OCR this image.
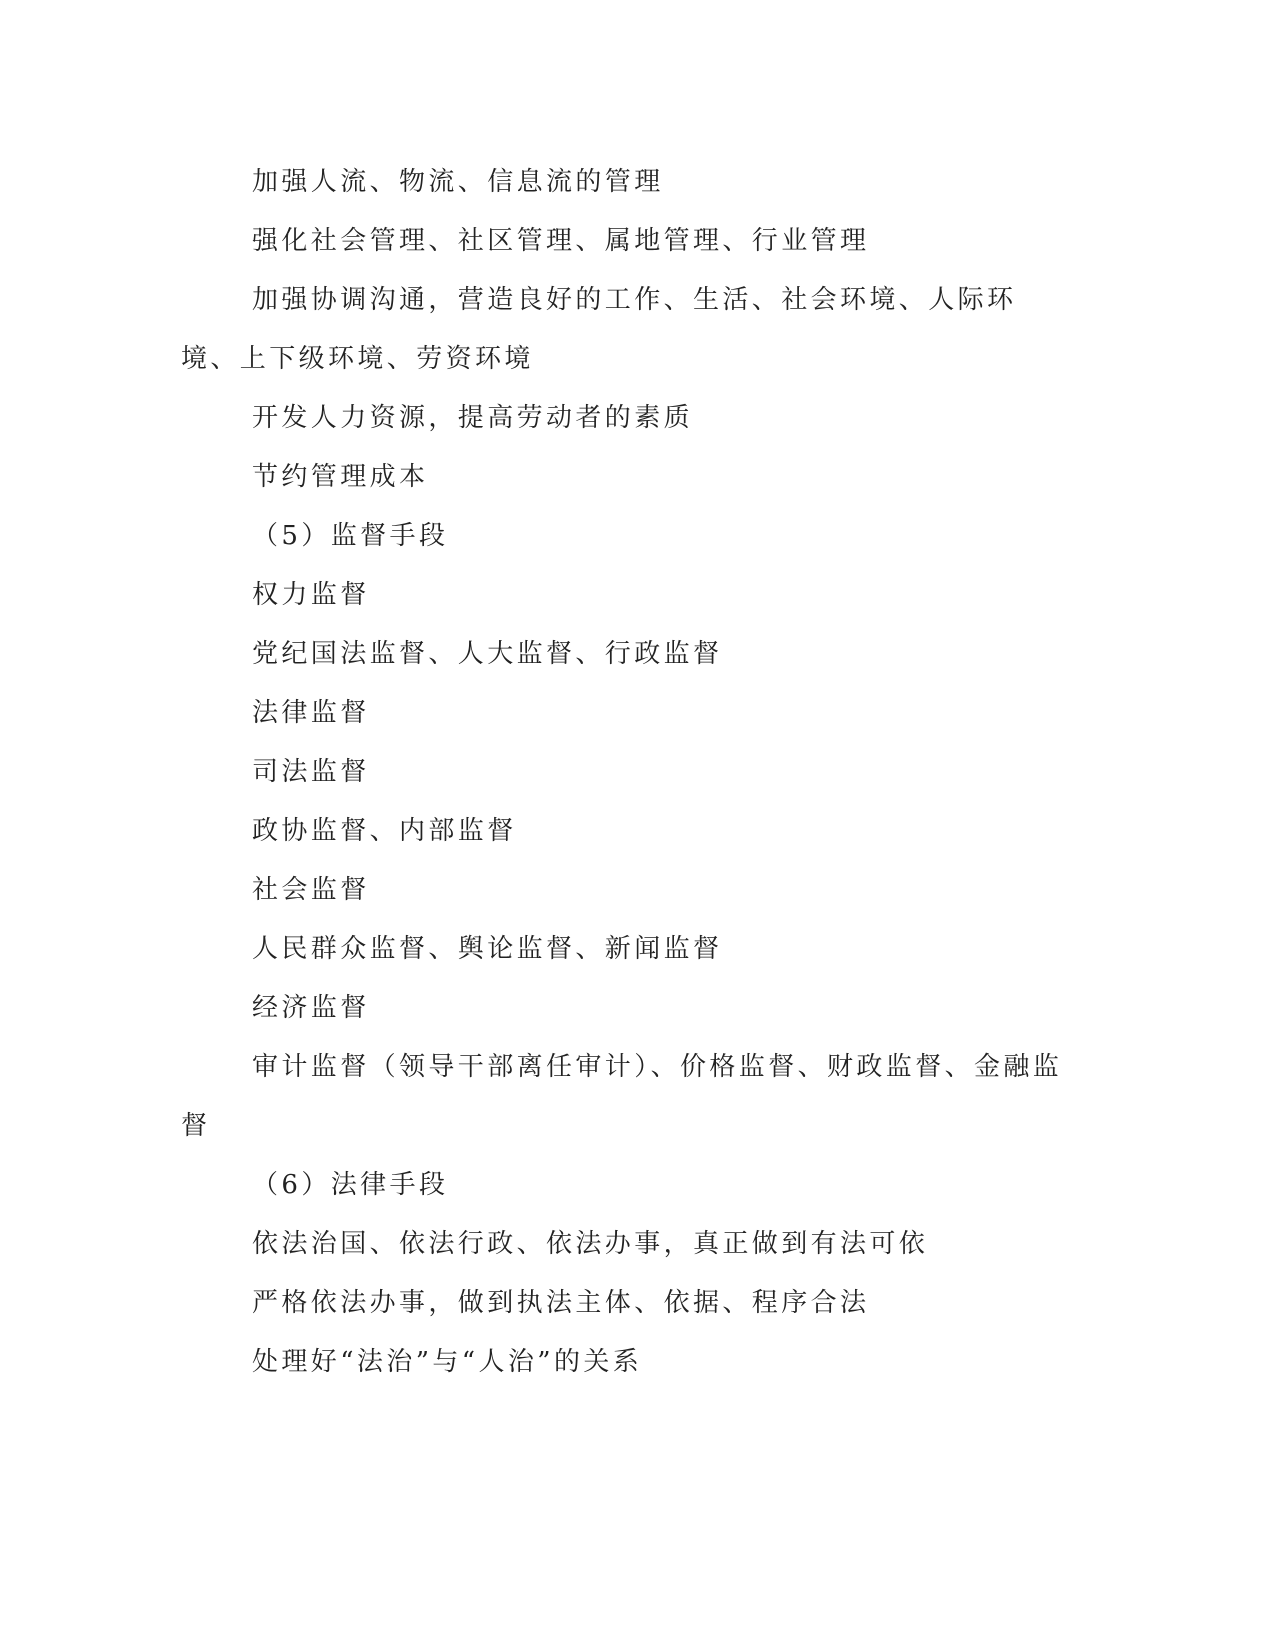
加强人流、物流、信息流的管理

强化社会管理、社区管理、属地管理、行业管理

加强协调沟通，营造良好的工作、生活、社会环境、人际环境、上下级环境、劳资环境

开发人力资源，提高劳动者的素质

节约管理成本

（5）监督手段

权力监督

党纪国法监督、人大监督、行政监督

法律监督

司法监督

政协监督、内部监督

社会监督

人民群众监督、舆论监督、新闻监督

经济监督

审计监督（领导干部离任审计）、价格监督、财政监督、金融监督

（6）法律手段

依法治国、依法行政、依法办事，真正做到有法可依

严格依法办事，做到执法主体、依据、程序合法

处理好“法治”与“人治”的关系
